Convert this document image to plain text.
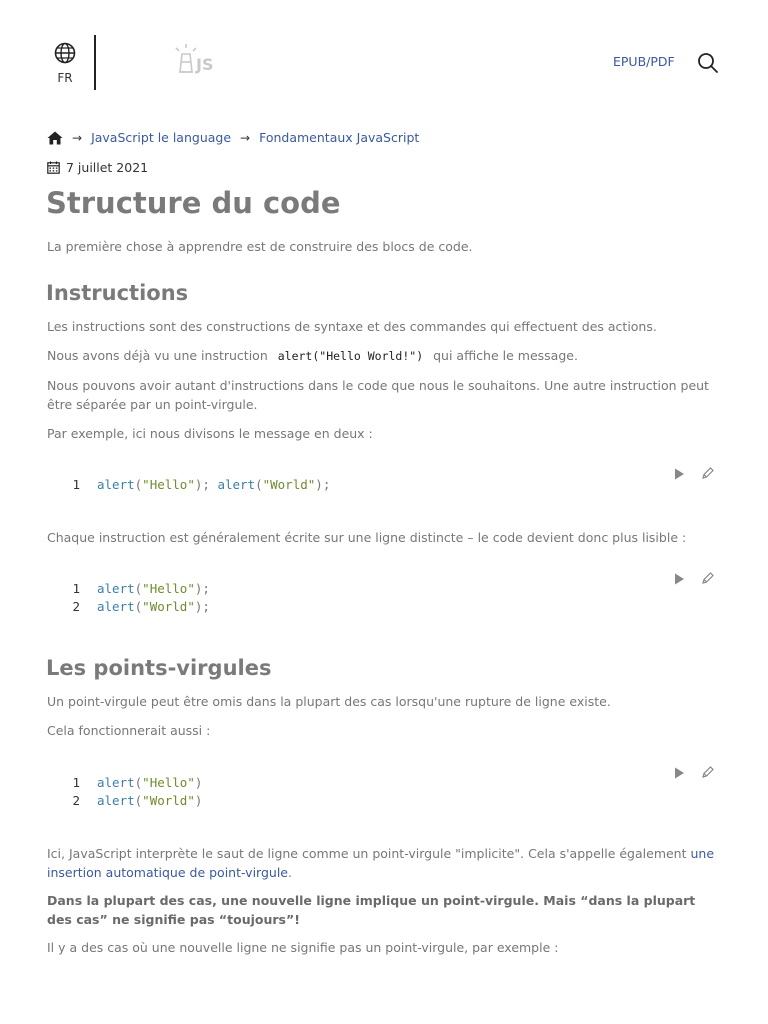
FR
JS	EPUB/PDF
→ JavaScript le language → Fondamentaux JavaScript
7 juillet 2021
Structure du code

La première chose à apprendre est de construire des blocs de code.

Instructions

Les instructions sont des constructions de syntaxe et des commandes qui effectuent des actions.

Nous avons déjà vu une instruction alert("Hello World!") qui affiche le message.

Nous pouvons avoir autant d'instructions dans le code que nous le souhaitons. Une autre instruction peut être séparée par un point-virgule.

Par exemple, ici nous divisons le message en deux :

1 alert("Hello"); alert("World");

Chaque instruction est généralement écrite sur une ligne distincte – le code devient donc plus lisible :

1 alert("Hello");
2 alert("World");
Les points-virgules

Un point-virgule peut être omis dans la plupart des cas lorsqu'une rupture de ligne existe.

Cela fonctionnerait aussi :

1 alert("Hello")
2 alert("World")

Ici, JavaScript interprète le saut de ligne comme un point-virgule "implicite". Cela s'appelle également une insertion automatique de point-virgule.

Dans la plupart des cas, une nouvelle ligne implique un point-virgule. Mais “dans la plupart des cas” ne signifie pas “toujours”!

Il y a des cas où une nouvelle ligne ne signifie pas un point-virgule, par exemple :
